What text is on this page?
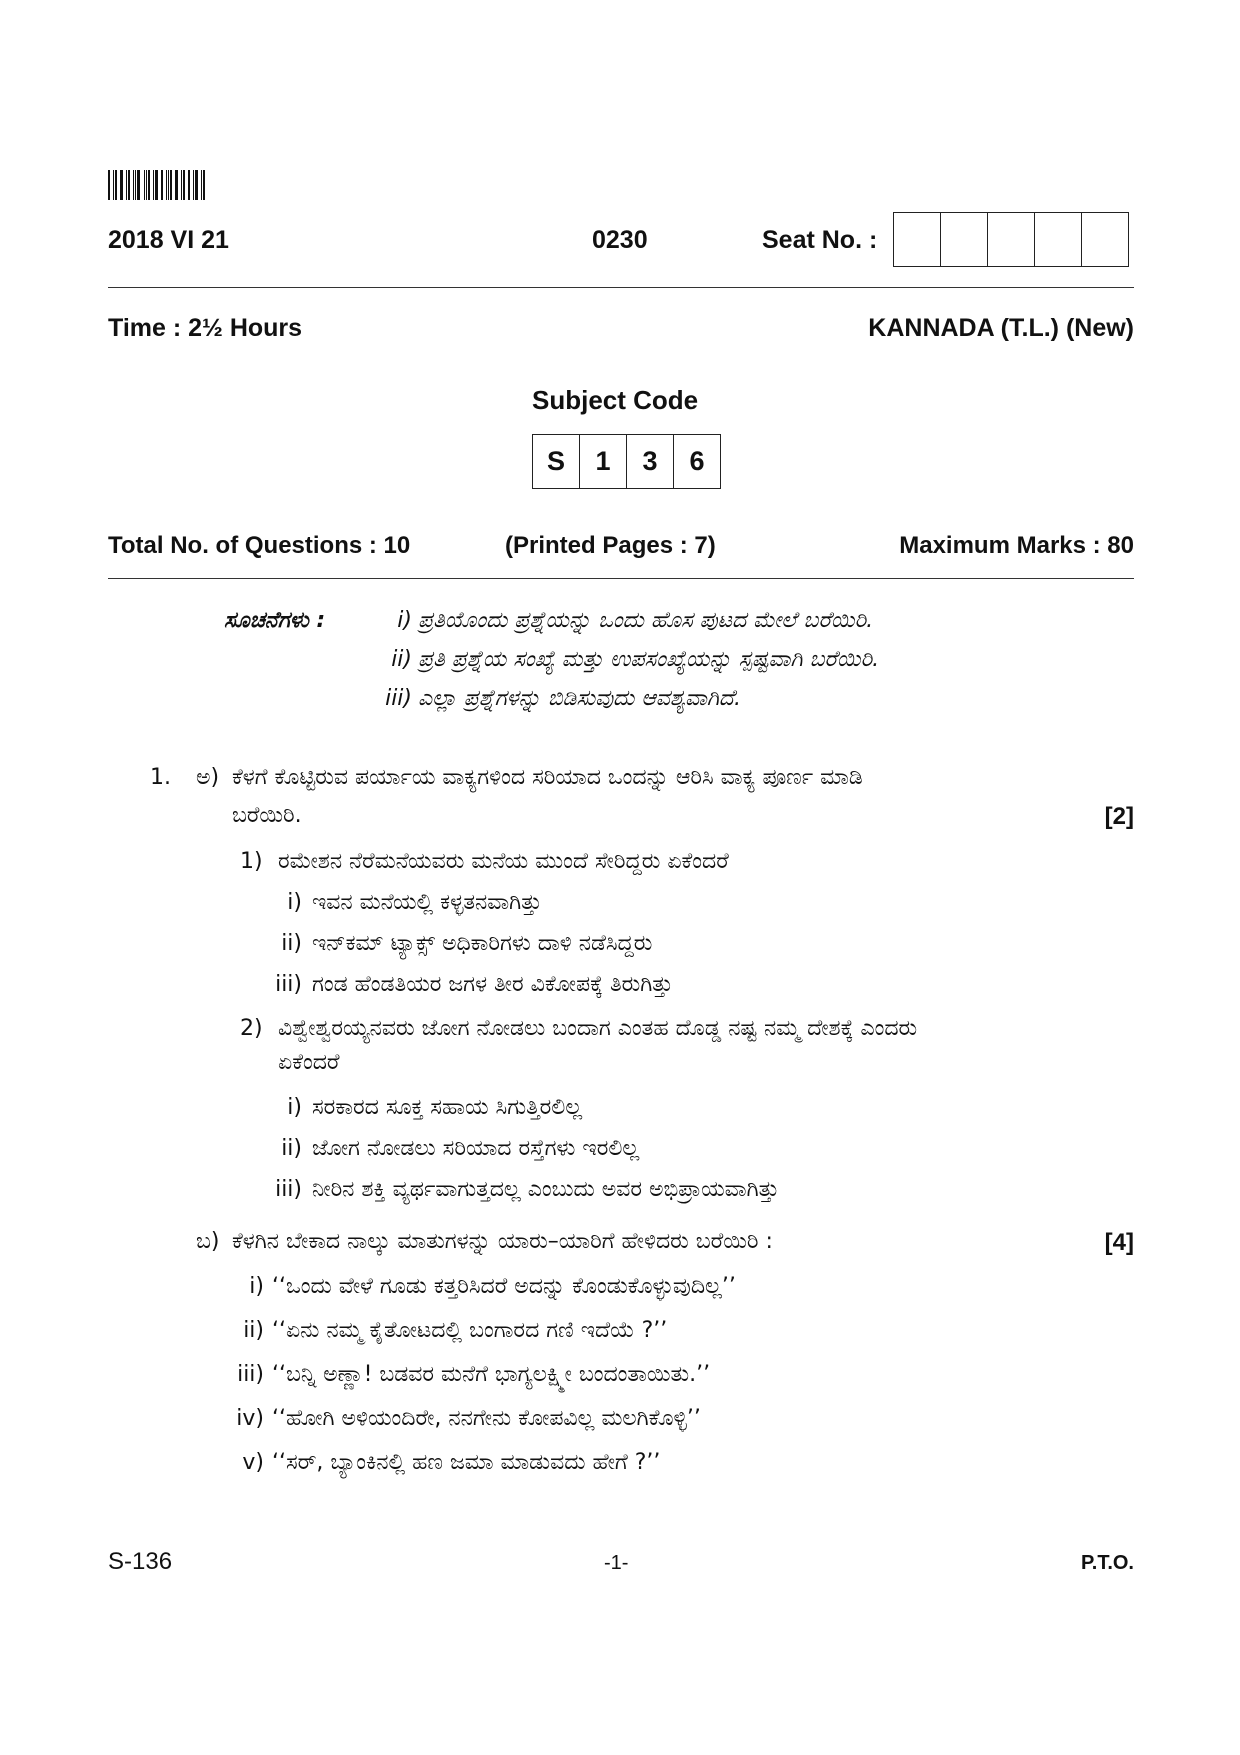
2018 VI 21	0230	Seat No. :
Time : 2½ Hours	KANNADA (T.L.) (New)
Subject Code
S	1	3	6
Total No. of Questions : 10	(Printed Pages : 7)	Maximum Marks : 80
ಸೂಚನೆಗಳು :	i) ಪ್ರತಿಯೊಂದು ಪ್ರಶ್ನೆಯನ್ನು ಒಂದು ಹೊಸ ಪುಟದ ಮೇಲೆ ಬರೆಯಿರಿ.
ii) ಪ್ರತಿ ಪ್ರಶ್ನೆಯ ಸಂಖ್ಯೆ ಮತ್ತು ಉಪಸಂಖ್ಯೆಯನ್ನು ಸ್ಪಷ್ಟವಾಗಿ ಬರೆಯಿರಿ.
iii) ಎಲ್ಲಾ ಪ್ರಶ್ನೆಗಳನ್ನು ಬಿಡಿಸುವುದು ಆವಶ್ಯವಾಗಿದೆ.
1. ಅ) ಕೆಳಗೆ ಕೊಟ್ಟಿರುವ ಪರ್ಯಾಯ ವಾಕ್ಯಗಳಿಂದ ಸರಿಯಾದ ಒಂದನ್ನು ಆರಿಸಿ ವಾಕ್ಯ ಪೂರ್ಣ ಮಾಡಿ
ಬರೆಯಿರಿ.	[2]
1) ರಮೇಶನ ನೆರೆಮನೆಯವರು ಮನೆಯ ಮುಂದೆ ಸೇರಿದ್ದರು ಏಕೆಂದರೆ
i) ಇವನ ಮನೆಯಲ್ಲಿ ಕಳ್ಳತನವಾಗಿತ್ತು
ii) ಇನ್‌ಕಮ್ ಟ್ಯಾಕ್ಸ್ ಅಧಿಕಾರಿಗಳು ದಾಳಿ ನಡೆಸಿದ್ದರು
iii) ಗಂಡ ಹೆಂಡತಿಯರ ಜಗಳ ತೀರ ವಿಕೋಪಕ್ಕೆ ತಿರುಗಿತ್ತು
2) ವಿಶ್ವೇಶ್ವರಯ್ಯನವರು ಜೋಗ ನೋಡಲು ಬಂದಾಗ ಎಂತಹ ದೊಡ್ಡ ನಷ್ಟ ನಮ್ಮ ದೇಶಕ್ಕೆ ಎಂದರು
ಏಕೆಂದರೆ
i) ಸರಕಾರದ ಸೂಕ್ತ ಸಹಾಯ ಸಿಗುತ್ತಿರಲಿಲ್ಲ
ii) ಜೋಗ ನೋಡಲು ಸರಿಯಾದ ರಸ್ತೆಗಳು ಇರಲಿಲ್ಲ
iii) ನೀರಿನ ಶಕ್ತಿ ವ್ಯರ್ಥವಾಗುತ್ತದಲ್ಲ ಎಂಬುದು ಅವರ ಅಭಿಪ್ರಾಯವಾಗಿತ್ತು
ಬ) ಕೆಳಗಿನ ಬೇಕಾದ ನಾಲ್ಕು ಮಾತುಗಳನ್ನು ಯಾರು–ಯಾರಿಗೆ ಹೇಳಿದರು ಬರೆಯಿರಿ :	[4]
i) ‘‘ಒಂದು ವೇಳೆ ಗೂಡು ಕತ್ತರಿಸಿದರೆ ಅದನ್ನು ಕೊಂಡುಕೊಳ್ಳುವುದಿಲ್ಲ’’
ii) ‘‘ಏನು ನಮ್ಮ ಕೈತೋಟದಲ್ಲಿ ಬಂಗಾರದ ಗಣಿ ಇದೆಯೆ ?’’
iii) ‘‘ಬನ್ನಿ ಅಣ್ಣಾ! ಬಡವರ ಮನೆಗೆ ಭಾಗ್ಯಲಕ್ಷ್ಮೀ ಬಂದಂತಾಯಿತು.’’
iv) ‘‘ಹೋಗಿ ಅಳಿಯಂದಿರೇ, ನನಗೇನು ಕೋಪವಿಲ್ಲ ಮಲಗಿಕೊಳ್ಳಿ’’
v) ‘‘ಸರ್, ಬ್ಯಾಂಕಿನಲ್ಲಿ ಹಣ ಜಮಾ ಮಾಡುವದು ಹೇಗೆ ?’’
S-136	-1-	P.T.O.
